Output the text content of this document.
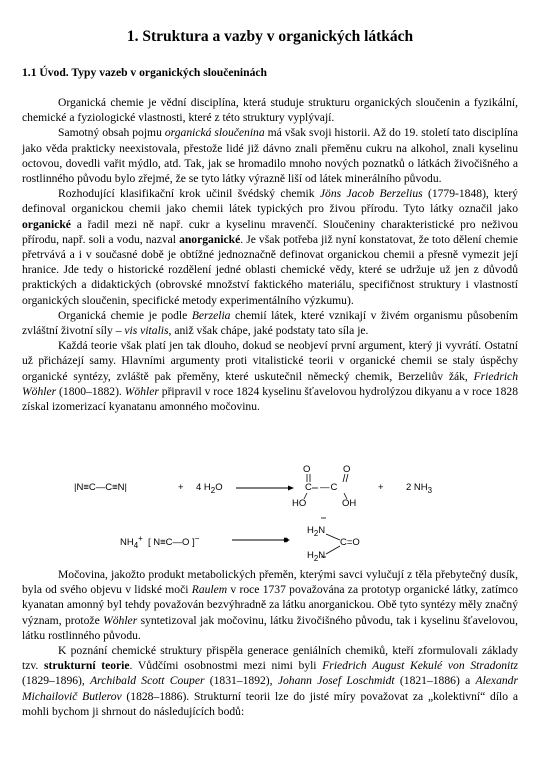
1. Struktura a vazby v organických látkách
1.1 Úvod. Typy vazeb v organických sloučeninách

Organická chemie je vědní disciplína, která studuje strukturu organických sloučenin a fyzikální, chemické a fyziologické vlastnosti, které z této struktury vyplývají.

Samotný obsah pojmu organická sloučenina má však svoji historii. Až do 19. století tato disciplína jako věda prakticky neexistovala, přestože lidé již dávno znali přeměnu cukru na alkohol, znali kyselinu octovou, dovedli vařit mýdlo, atd. Tak, jak se hromadilo mnoho nových poznatků o látkách živočišného a rostlinného původu bylo zřejmé, že se tyto látky výrazně liší od látek minerálního původu.

Rozhodující klasifikační krok učinil švédský chemik Jöns Jacob Berzelius (1779-1848), který definoval organickou chemii jako chemii látek typických pro živou přírodu. Tyto látky označil jako organické a řadil mezi ně např. cukr a kyselinu mravenčí. Sloučeniny charakteristické pro neživou přírodu, např. soli a vodu, nazval anorganické. Je však potřeba již nyní konstatovat, že toto dělení chemie přetrvává a i v současné době je obtížné jednoznačně definovat organickou chemii a přesně vymezit její hranice. Jde tedy o historické rozdělení jedné oblasti chemické vědy, které se udržuje už jen z důvodů praktických a didaktických (obrovské množství faktického materiálu, specifičnost struktury i vlastností organických sloučenin, specifické metody experimentálního výzkumu).

Organická chemie je podle Berzelia chemií látek, které vznikají v živém organismu působením zvláštní životní síly – vis vitalis, aniž však chápe, jaké podstaty tato síla je.

Každá teorie však platí jen tak dlouho, dokud se neobjeví první argument, který ji vyvrátí. Ostatní už přicházejí samy. Hlavními argumenty proti vitalistické teorii v organické chemii se staly úspěchy organické syntézy, zvláště pak přeměny, které uskutečnil německý chemik, Berzeliův žák, Friedrich Wöhler (1800–1882). Wöhler připravil v roce 1824 kyselinu šťavelovou hydrolýzou dikyanu a v roce 1828 získal izomerizací kyanatanu amonného močovinu.

|N≡C—C≡N|	+ 4 $H_2O$
O	O
C —C
HO	OH
+ 2 $NH_3$
$NH_4^+$ [ N≡C—O ]−
$H_2N$
$H_2N$
C=O

Močovina, jakožto produkt metabolických přeměn, kterými savci vylučují z těla přebytečný dusík, byla od svého objevu v lidské moči Raulem v roce 1737 považována za prototyp organické látky, zatímco kyanatan amonný byl tehdy považován bezvýhradně za látku anorganickou. Obě tyto syntézy měly značný význam, protože Wöhler syntetizoval jak močovinu, látku živočišného původu, tak i kyselinu šťavelovou, látku rostlinného původu.

K poznání chemické struktury přispěla generace geniálních chemiků, kteří zformulovali základy tzv. strukturní teorie. Vůdčími osobnostmi mezi nimi byli Friedrich August Kekulé von Stradonitz (1829–1896), Archibald Scott Couper (1831–1892), Johann Josef Loschmidt (1821–1886) a Alexandr Michailovič Butlerov (1828–1886). Strukturní teorii lze do jisté míry považovat za „kolektivní“ dílo a mohli bychom ji shrnout do následujících bodů:
